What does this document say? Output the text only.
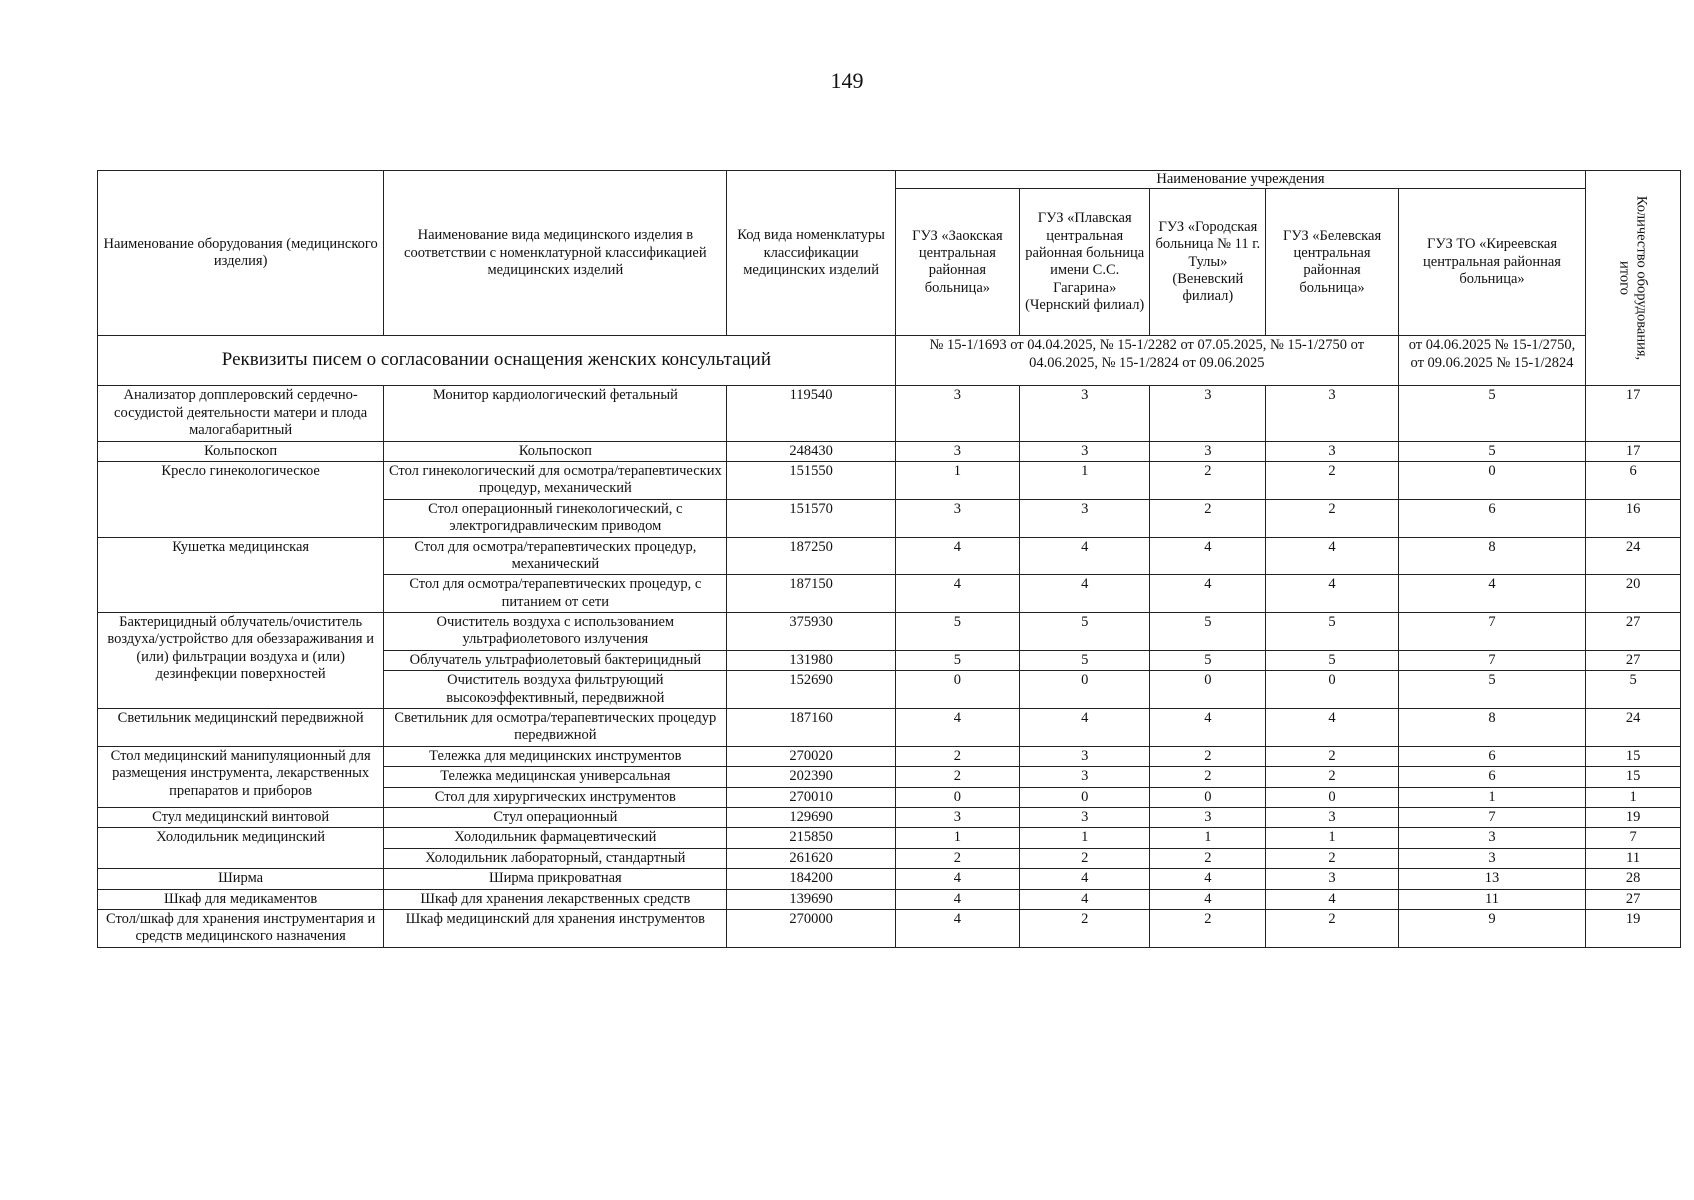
149
Наименование оборудования (медицинского изделия)	Наименование вида медицинского изделия в соответствии с номенклатурной классификацией медицинских изделий	Код вида номенклатуры классификации медицинских изделий	Наименование учреждения					Количество оборудования, итого

			ГУЗ «Заокская центральная районная больница»	ГУЗ «Плавская центральная районная больница имени С.С. Гагарина» (Чернский филиал)	ГУЗ «Городская больница № 11 г. Тулы» (Веневский филиал)	ГУЗ «Белевская центральная районная больница»	ГУЗ ТО «Киреевская центральная районная больница»	
Реквизиты писем о согласовании оснащения женских консультаций			№ 15-1/1693 от 04.04.2025, № 15-1/2282 от 07.05.2025, № 15-1/2750 от 04.06.2025, № 15-1/2824 от 09.06.2025				от 04.06.2025 № 15-1/2750, от 09.06.2025 № 15-1/2824	
Анализатор допплеровский сердечно-сосудистой деятельности матери и плода малогабаритный	Монитор кардиологический фетальный	119540	3	3	3	3	5	17
Кольпоскоп	Кольпоскоп	248430	3	3	3	3	5	17
Кресло гинекологическое	Стол гинекологический для осмотра/терапевтических процедур, механический	151550	1	1	2	2	0	6
	Стол операционный гинекологический, с электрогидравлическим приводом	151570	3	3	2	2	6	16
Кушетка медицинская	Стол для осмотра/терапевтических процедур, механический	187250	4	4	4	4	8	24
	Стол для осмотра/терапевтических процедур, с питанием от сети	187150	4	4	4	4	4	20
Бактерицидный облучатель/очиститель воздуха/устройство для обеззараживания и (или) фильтрации воздуха и (или) дезинфекции поверхностей	Очиститель воздуха с использованием ультрафиолетового излучения	375930	5	5	5	5	7	27
	Облучатель ультрафиолетовый бактерицидный	131980	5	5	5	5	7	27
	Очиститель воздуха фильтрующий высокоэффективный, передвижной	152690	0	0	0	0	5	5
Светильник медицинский передвижной	Светильник для осмотра/терапевтических процедур передвижной	187160	4	4	4	4	8	24
Стол медицинский манипуляционный для размещения инструмента, лекарственных препаратов и приборов	Тележка для медицинских инструментов	270020	2	3	2	2	6	15
	Тележка медицинская универсальная	202390	2	3	2	2	6	15
	Стол для хирургических инструментов	270010	0	0	0	0	1	1
Стул медицинский винтовой	Стул операционный	129690	3	3	3	3	7	19
Холодильник медицинский	Холодильник фармацевтический	215850	1	1	1	1	3	7
	Холодильник лабораторный, стандартный	261620	2	2	2	2	3	11
Ширма	Ширма прикроватная	184200	4	4	4	3	13	28
Шкаф для медикаментов	Шкаф для хранения лекарственных средств	139690	4	4	4	4	11	27
Стол/шкаф для хранения инструментария и средств медицинского назначения	Шкаф медицинский для хранения инструментов	270000	4	2	2	2	9	19
